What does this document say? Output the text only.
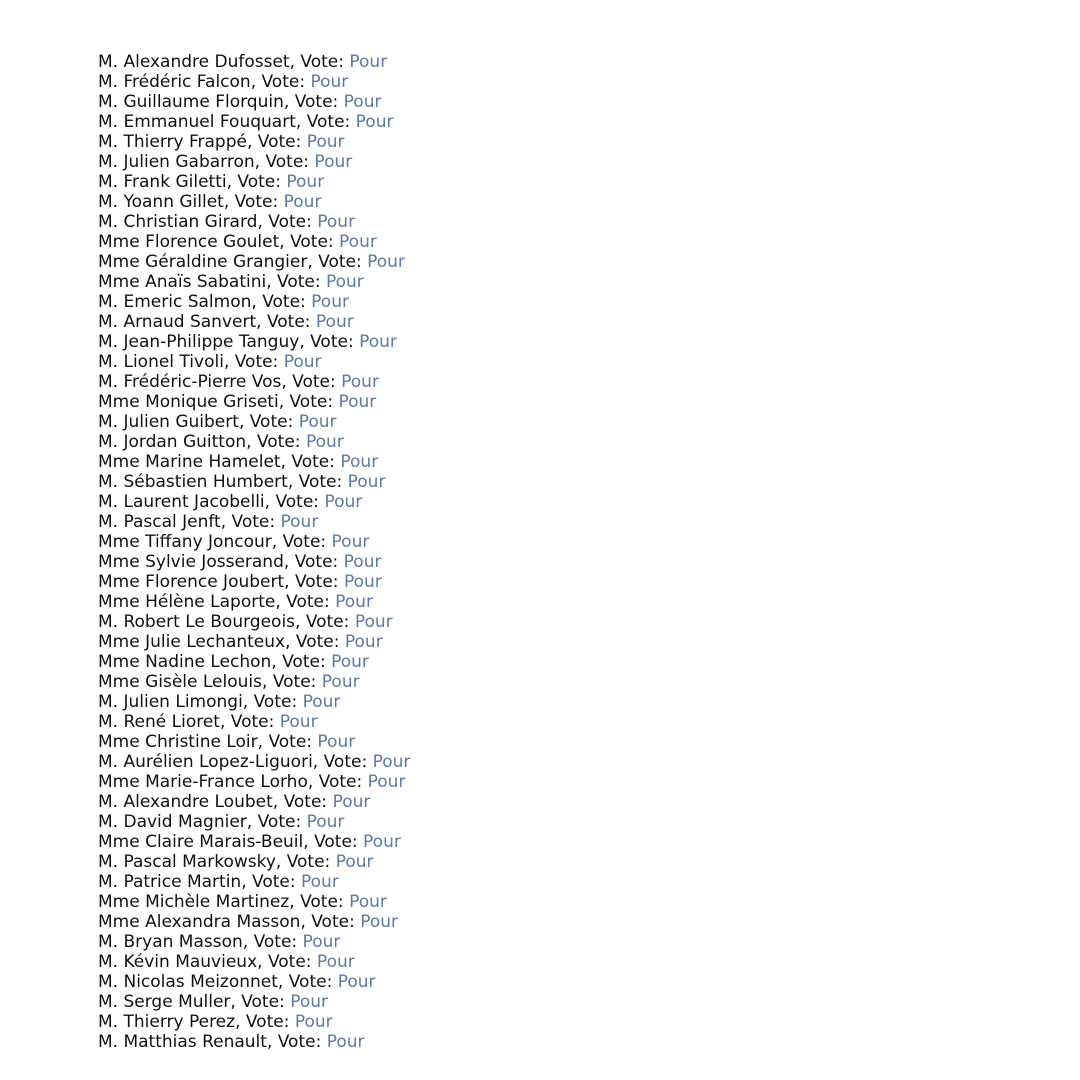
M. Alexandre Dufosset, Vote: Pour
M. Frédéric Falcon, Vote: Pour
M. Guillaume Florquin, Vote: Pour
M. Emmanuel Fouquart, Vote: Pour
M. Thierry Frappé, Vote: Pour
M. Julien Gabarron, Vote: Pour
M. Frank Giletti, Vote: Pour
M. Yoann Gillet, Vote: Pour
M. Christian Girard, Vote: Pour
Mme Florence Goulet, Vote: Pour
Mme Géraldine Grangier, Vote: Pour
Mme Anaïs Sabatini, Vote: Pour
M. Emeric Salmon, Vote: Pour
M. Arnaud Sanvert, Vote: Pour
M. Jean-Philippe Tanguy, Vote: Pour
M. Lionel Tivoli, Vote: Pour
M. Frédéric-Pierre Vos, Vote: Pour
Mme Monique Griseti, Vote: Pour
M. Julien Guibert, Vote: Pour
M. Jordan Guitton, Vote: Pour
Mme Marine Hamelet, Vote: Pour
M. Sébastien Humbert, Vote: Pour
M. Laurent Jacobelli, Vote: Pour
M. Pascal Jenft, Vote: Pour
Mme Tiffany Joncour, Vote: Pour
Mme Sylvie Josserand, Vote: Pour
Mme Florence Joubert, Vote: Pour
Mme Hélène Laporte, Vote: Pour
M. Robert Le Bourgeois, Vote: Pour
Mme Julie Lechanteux, Vote: Pour
Mme Nadine Lechon, Vote: Pour
Mme Gisèle Lelouis, Vote: Pour
M. Julien Limongi, Vote: Pour
M. René Lioret, Vote: Pour
Mme Christine Loir, Vote: Pour
M. Aurélien Lopez-Liguori, Vote: Pour
Mme Marie-France Lorho, Vote: Pour
M. Alexandre Loubet, Vote: Pour
M. David Magnier, Vote: Pour
Mme Claire Marais-Beuil, Vote: Pour
M. Pascal Markowsky, Vote: Pour
M. Patrice Martin, Vote: Pour
Mme Michèle Martinez, Vote: Pour
Mme Alexandra Masson, Vote: Pour
M. Bryan Masson, Vote: Pour
M. Kévin Mauvieux, Vote: Pour
M. Nicolas Meizonnet, Vote: Pour
M. Serge Muller, Vote: Pour
M. Thierry Perez, Vote: Pour
M. Matthias Renault, Vote: Pour
